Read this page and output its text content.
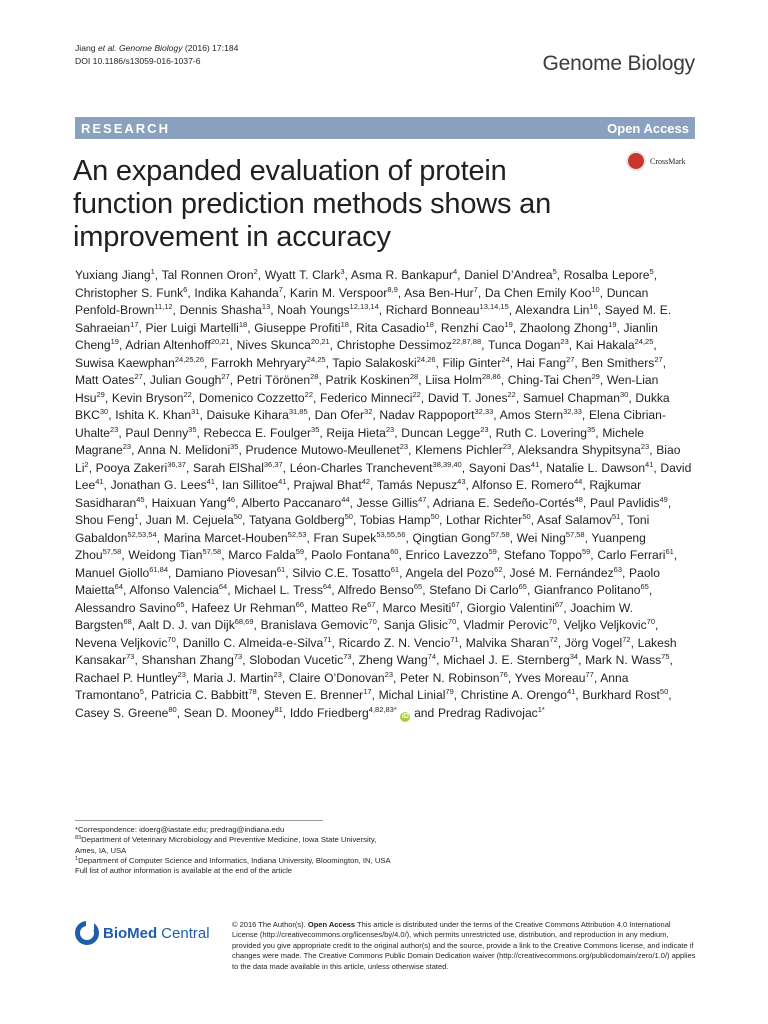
Jiang et al. Genome Biology (2016) 17:184
DOI 10.1186/s13059-016-1037-6	Genome Biology
RESEARCH	Open Access
CrossMark
An expanded evaluation of protein function prediction methods shows an improvement in accuracy
Yuxiang Jiang$^1$, Tal Ronnen Oron$^2$, Wyatt T. Clark$^3$, Asma R. Bankapur$^4$, Daniel D’Andrea$^5$, Rosalba Lepore$^5$, Christopher S. Funk$^6$, Indika Kahanda$^7$, Karin M. Verspoor$^{8,9}$, Asa Ben-Hur$^7$, Da Chen Emily Koo$^{10}$, Duncan Penfold-Brown$^{11,12}$, Dennis Shasha$^{13}$, Noah Youngs$^{12,13,14}$, Richard Bonneau$^{13,14,15}$, Alexandra Lin$^{16}$, Sayed M. E. Sahraeian$^{17}$, Pier Luigi Martelli$^{18}$, Giuseppe Profiti$^{18}$, Rita Casadio$^{18}$, Renzhi Cao$^{19}$, Zhaolong Zhong$^{19}$, Jianlin Cheng$^{19}$, Adrian Altenhoff$^{20,21}$, Nives Skunca$^{20,21}$, Christophe Dessimoz$^{22,87,88}$, Tunca Dogan$^{23}$, Kai Hakala$^{24,25}$, Suwisa Kaewphan$^{24,25,26}$, Farrokh Mehryary$^{24,25}$, Tapio Salakoski$^{24,26}$, Filip Ginter$^{24}$, Hai Fang$^{27}$, Ben Smithers$^{27}$, Matt Oates$^{27}$, Julian Gough$^{27}$, Petri Törönen$^{28}$, Patrik Koskinen$^{28}$, Liisa Holm$^{28,86}$, Ching-Tai Chen$^{29}$, Wen-Lian Hsu$^{29}$, Kevin Bryson$^{22}$, Domenico Cozzetto$^{22}$, Federico Minneci$^{22}$, David T. Jones$^{22}$, Samuel Chapman$^{30}$, Dukka BKC$^{30}$, Ishita K. Khan$^{31}$, Daisuke Kihara$^{31,85}$, Dan Ofer$^{32}$, Nadav Rappoport$^{32,33}$, Amos Stern$^{32,33}$, Elena Cibrian-Uhalte$^{23}$, Paul Denny$^{35}$, Rebecca E. Foulger$^{35}$, Reija Hieta$^{23}$, Duncan Legge$^{23}$, Ruth C. Lovering$^{35}$, Michele Magrane$^{23}$, Anna N. Melidoni$^{35}$, Prudence Mutowo-Meullenet$^{23}$, Klemens Pichler$^{23}$, Aleksandra Shypitsyna$^{23}$, Biao Li$^2$, Pooya Zakeri$^{36,37}$, Sarah ElShal$^{36,37}$, Léon-Charles Tranchevent$^{38,39,40}$, Sayoni Das$^{41}$, Natalie L. Dawson$^{41}$, David Lee$^{41}$, Jonathan G. Lees$^{41}$, Ian Sillitoe$^{41}$, Prajwal Bhat$^{42}$, Tamás Nepusz$^{43}$, Alfonso E. Romero$^{44}$, Rajkumar Sasidharan$^{45}$, Haixuan Yang$^{46}$, Alberto Paccanaro$^{44}$, Jesse Gillis$^{47}$, Adriana E. Sedeño-Cortés$^{48}$, Paul Pavlidis$^{49}$, Shou Feng$^1$, Juan M. Cejuela$^{50}$, Tatyana Goldberg$^{50}$, Tobias Hamp$^{50}$, Lothar Richter$^{50}$, Asaf Salamov$^{51}$, Toni Gabaldon$^{52,53,54}$, Marina Marcet-Houben$^{52,53}$, Fran Supek$^{53,55,56}$, Qingtian Gong$^{57,58}$, Wei Ning$^{57,58}$, Yuanpeng Zhou$^{57,58}$, Weidong Tian$^{57,58}$, Marco Falda$^{59}$, Paolo Fontana$^{60}$, Enrico Lavezzo$^{59}$, Stefano Toppo$^{59}$, Carlo Ferrari$^{61}$, Manuel Giollo$^{61,84}$, Damiano Piovesan$^{61}$, Silvio C.E. Tosatto$^{61}$, Angela del Pozo$^{62}$, José M. Fernández$^{63}$, Paolo Maietta$^{64}$, Alfonso Valencia$^{64}$, Michael L. Tress$^{64}$, Alfredo Benso$^{65}$, Stefano Di Carlo$^{65}$, Gianfranco Politano$^{65}$, Alessandro Savino$^{65}$, Hafeez Ur Rehman$^{66}$, Matteo Re$^{67}$, Marco Mesiti$^{67}$, Giorgio Valentini$^{67}$, Joachim W. Bargsten$^{68}$, Aalt D. J. van Dijk$^{68,69}$, Branislava Gemovic$^{70}$, Sanja Glisic$^{70}$, Vladmir Perovic$^{70}$, Veljko Veljkovic$^{70}$, Nevena Veljkovic$^{70}$, Danillo C. Almeida-e-Silva$^{71}$, Ricardo Z. N. Vencio$^{71}$, Malvika Sharan$^{72}$, Jörg Vogel$^{72}$, Lakesh Kansakar$^{73}$, Shanshan Zhang$^{73}$, Slobodan Vucetic$^{73}$, Zheng Wang$^{74}$, Michael J. E. Sternberg$^{34}$, Mark N. Wass$^{75}$, Rachael P. Huntley$^{23}$, Maria J. Martin$^{23}$, Claire O’Donovan$^{23}$, Peter N. Robinson$^{76}$, Yves Moreau$^{77}$, Anna Tramontano$^5$, Patricia C. Babbitt$^{78}$, Steven E. Brenner$^{17}$, Michal Linial$^{79}$, Christine A. Orengo$^{41}$, Burkhard Rost$^{50}$, Casey S. Greene$^{80}$, Sean D. Mooney$^{81}$, Iddo Friedberg$^{4,82,83*}$ iD and Predrag Radivojac$^{1*}$
*Correspondence: idoerg@iastate.edu; predrag@indiana.edu
$^{83}$Department of Veterinary Microbiology and Preventive Medicine, Iowa State University, Ames, IA, USA
$^1$Department of Computer Science and Informatics, Indiana University, Bloomington, IN, USA
Full list of author information is available at the end of the article
BioMed Central	© 2016 The Author(s). Open Access This article is distributed under the terms of the Creative Commons Attribution 4.0 International License (http://creativecommons.org/licenses/by/4.0/), which permits unrestricted use, distribution, and reproduction in any medium, provided you give appropriate credit to the original author(s) and the source, provide a link to the Creative Commons license, and indicate if changes were made. The Creative Commons Public Domain Dedication waiver (http://creativecommons.org/publicdomain/zero/1.0/) applies to the data made available in this article, unless otherwise stated.
